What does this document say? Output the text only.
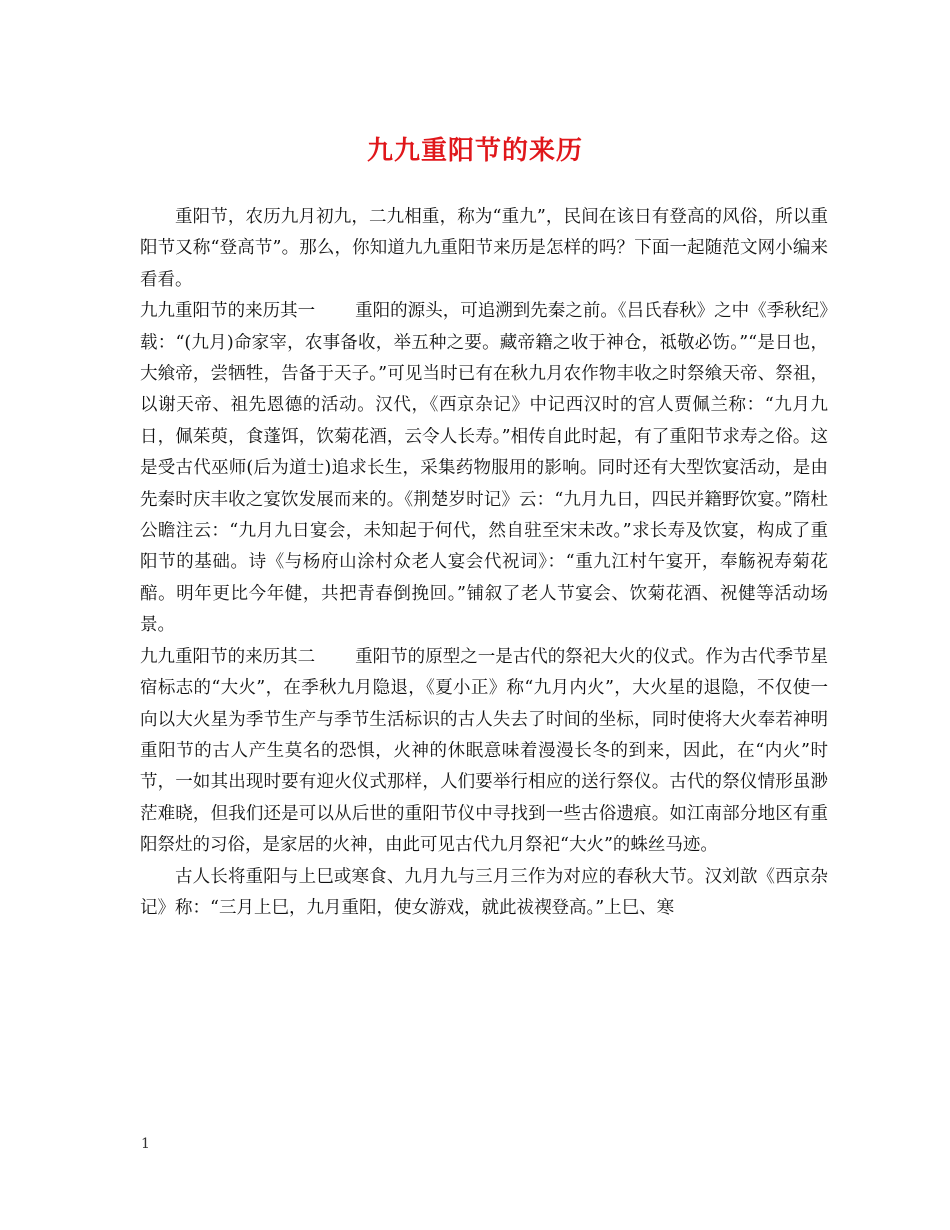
九九重阳节的来历

重阳节，农历九月初九，二九相重，称为“重九”，民间在该日有登高的风俗，所以重阳节又称“登高节”。那么，你知道九九重阳节来历是怎样的吗？下面一起随范文网小编来看看。

九九重阳节的来历其一 重阳的源头，可追溯到先秦之前。《吕氏春秋》之中《季秋纪》载：“(九月)命家宰，农事备收，举五种之要。藏帝籍之收于神仓，祗敬必饬。”“是日也，大飨帝，尝牺牲，告备于天子。”可见当时已有在秋九月农作物丰收之时祭飨天帝、祭祖，以谢天帝、祖先恩德的活动。汉代，《西京杂记》中记西汉时的宫人贾佩兰称：“九月九日，佩茱萸，食蓬饵，饮菊花酒，云令人长寿。”相传自此时起，有了重阳节求寿之俗。这是受古代巫师(后为道士)追求长生，采集药物服用的影响。同时还有大型饮宴活动，是由先秦时庆丰收之宴饮发展而来的。《荆楚岁时记》云：“九月九日，四民并籍野饮宴。”隋杜公瞻注云：“九月九日宴会，未知起于何代，然自驻至宋未改。”求长寿及饮宴，构成了重阳节的基础。诗《与杨府山涂村众老人宴会代祝词》：“重九江村午宴开，奉觞祝寿菊花醅。明年更比今年健，共把青春倒挽回。”铺叙了老人节宴会、饮菊花酒、祝健等活动场景。

九九重阳节的来历其二 重阳节的原型之一是古代的祭祀大火的仪式。作为古代季节星宿标志的“大火”，在季秋九月隐退，《夏小正》称“九月内火”，大火星的退隐，不仅使一向以大火星为季节生产与季节生活标识的古人失去了时间的坐标，同时使将大火奉若神明重阳节的古人产生莫名的恐惧，火神的休眠意味着漫漫长冬的到来，因此，在“内火”时节，一如其出现时要有迎火仪式那样，人们要举行相应的送行祭仪。古代的祭仪情形虽渺茫难晓，但我们还是可以从后世的重阳节仪中寻找到一些古俗遗痕。如江南部分地区有重阳祭灶的习俗，是家居的火神，由此可见古代九月祭祀“大火”的蛛丝马迹。

古人长将重阳与上巳或寒食、九月九与三月三作为对应的春秋大节。汉刘歆《西京杂记》称：“三月上巳，九月重阳，使女游戏，就此祓禊登高。”上巳、寒

1
